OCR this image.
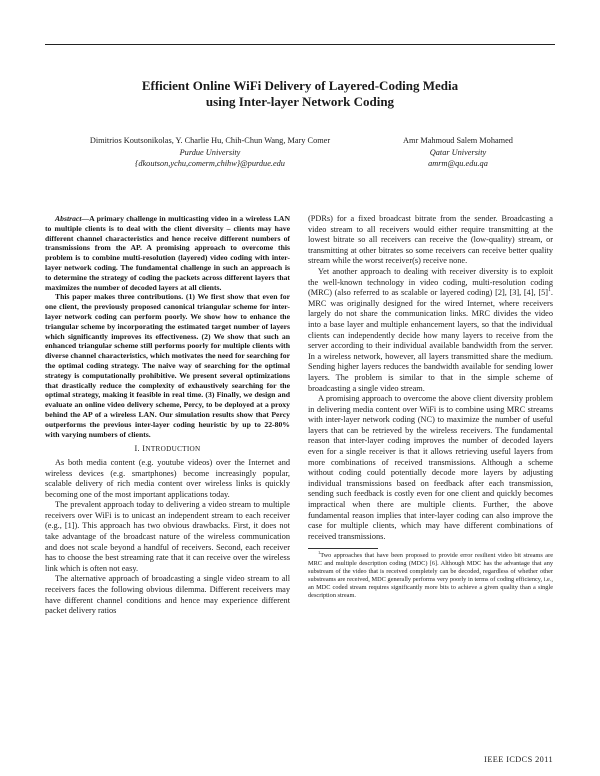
Efficient Online WiFi Delivery of Layered-Coding Media
using Inter-layer Network Coding
Dimitrios Koutsonikolas, Y. Charlie Hu, Chih-Chun Wang, Mary Comer
Purdue University
{dkoutson,ychu,comerm,chihw}@purdue.edu
Amr Mahmoud Salem Mohamed
Qatar University
amrm@qu.edu.qa

Abstract—A primary challenge in multicasting video in a wireless LAN to multiple clients is to deal with the client diversity – clients may have different channel characteristics and hence receive different numbers of transmissions from the AP. A promising approach to overcome this problem is to combine multi-resolution (layered) video coding with inter-layer network coding. The fundamental challenge in such an approach is to determine the strategy of coding the packets across different layers that maximizes the number of decoded layers at all clients.

This paper makes three contributions. (1) We first show that even for one client, the previously proposed canonical triangular scheme for inter-layer network coding can perform poorly. We show how to enhance the triangular scheme by incorporating the estimated target number of layers which significantly improves its effectiveness. (2) We show that such an enhanced triangular scheme still performs poorly for multiple clients with diverse channel characteristics, which motivates the need for searching for the optimal coding strategy. The naive way of searching for the optimal strategy is computationally prohibitive. We present several optimizations that drastically reduce the complexity of exhaustively searching for the optimal strategy, making it feasible in real time. (3) Finally, we design and evaluate an online video delivery scheme, Percy, to be deployed at a proxy behind the AP of a wireless LAN. Our simulation results show that Percy outperforms the previous inter-layer coding heuristic by up to 22-80% with varying numbers of clients.

I. INTRODUCTION

As both media content (e.g. youtube videos) over the Internet and wireless devices (e.g. smartphones) become increasingly popular, scalable delivery of rich media content over wireless links is quickly becoming one of the most important applications today.

The prevalent approach today to delivering a video stream to multiple receivers over WiFi is to unicast an independent stream to each receiver (e.g., [1]). This approach has two obvious drawbacks. First, it does not take advantage of the broadcast nature of the wireless communication and does not scale beyond a handful of receivers. Second, each receiver has to choose the best streaming rate that it can receive over the wireless link which is often not easy.

The alternative approach of broadcasting a single video stream to all receivers faces the following obvious dilemma. Different receivers may have different channel conditions and hence may experience different packet delivery ratios

(PDRs) for a fixed broadcast bitrate from the sender. Broadcasting a video stream to all receivers would either require transmitting at the lowest bitrate so all receivers can receive the (low-quality) stream, or transmitting at other bitrates so some receivers can receive better quality stream while the worst receiver(s) receive none.

Yet another approach to dealing with receiver diversity is to exploit the well-known technology in video coding, multi-resolution coding (MRC) (also referred to as scalable or layered coding) [2], [3], [4], $[5]^1$. MRC was originally designed for the wired Internet, where receivers largely do not share the communication links. MRC divides the video into a base layer and multiple enhancement layers, so that the individual clients can independently decide how many layers to receive from the server according to their individual available bandwidth from the server. In a wireless network, however, all layers transmitted share the medium. Sending higher layers reduces the bandwidth available for sending lower layers. The problem is similar to that in the simple scheme of broadcasting a single video stream.

A promising approach to overcome the above client diversity problem in delivering media content over WiFi is to combine using MRC streams with inter-layer network coding (NC) to maximize the number of useful layers that can be retrieved by the wireless receivers. The fundamental reason that inter-layer coding improves the number of decoded layers even for a single receiver is that it allows retrieving useful layers from more combinations of received transmissions. Although a scheme without coding could potentially decode more layers by adjusting individual transmissions based on feedback after each transmission, sending such feedback is costly even for one client and quickly becomes impractical when there are multiple clients. Further, the above fundamental reason implies that inter-layer coding can also improve the case for multiple clients, which may have different combinations of received transmissions.

$^1$Two approaches that have been proposed to provide error resilient video bit streams are MRC and multiple description coding (MDC) [6]. Although MDC has the advantage that any substream of the video that is received completely can be decoded, regardless of whether other substreams are received, MDC generally performs very poorly in terms of coding efficiency, i.e., an MDC coded stream requires significantly more bits to achieve a given quality than a single description stream.

IEEE ICDCS 2011
